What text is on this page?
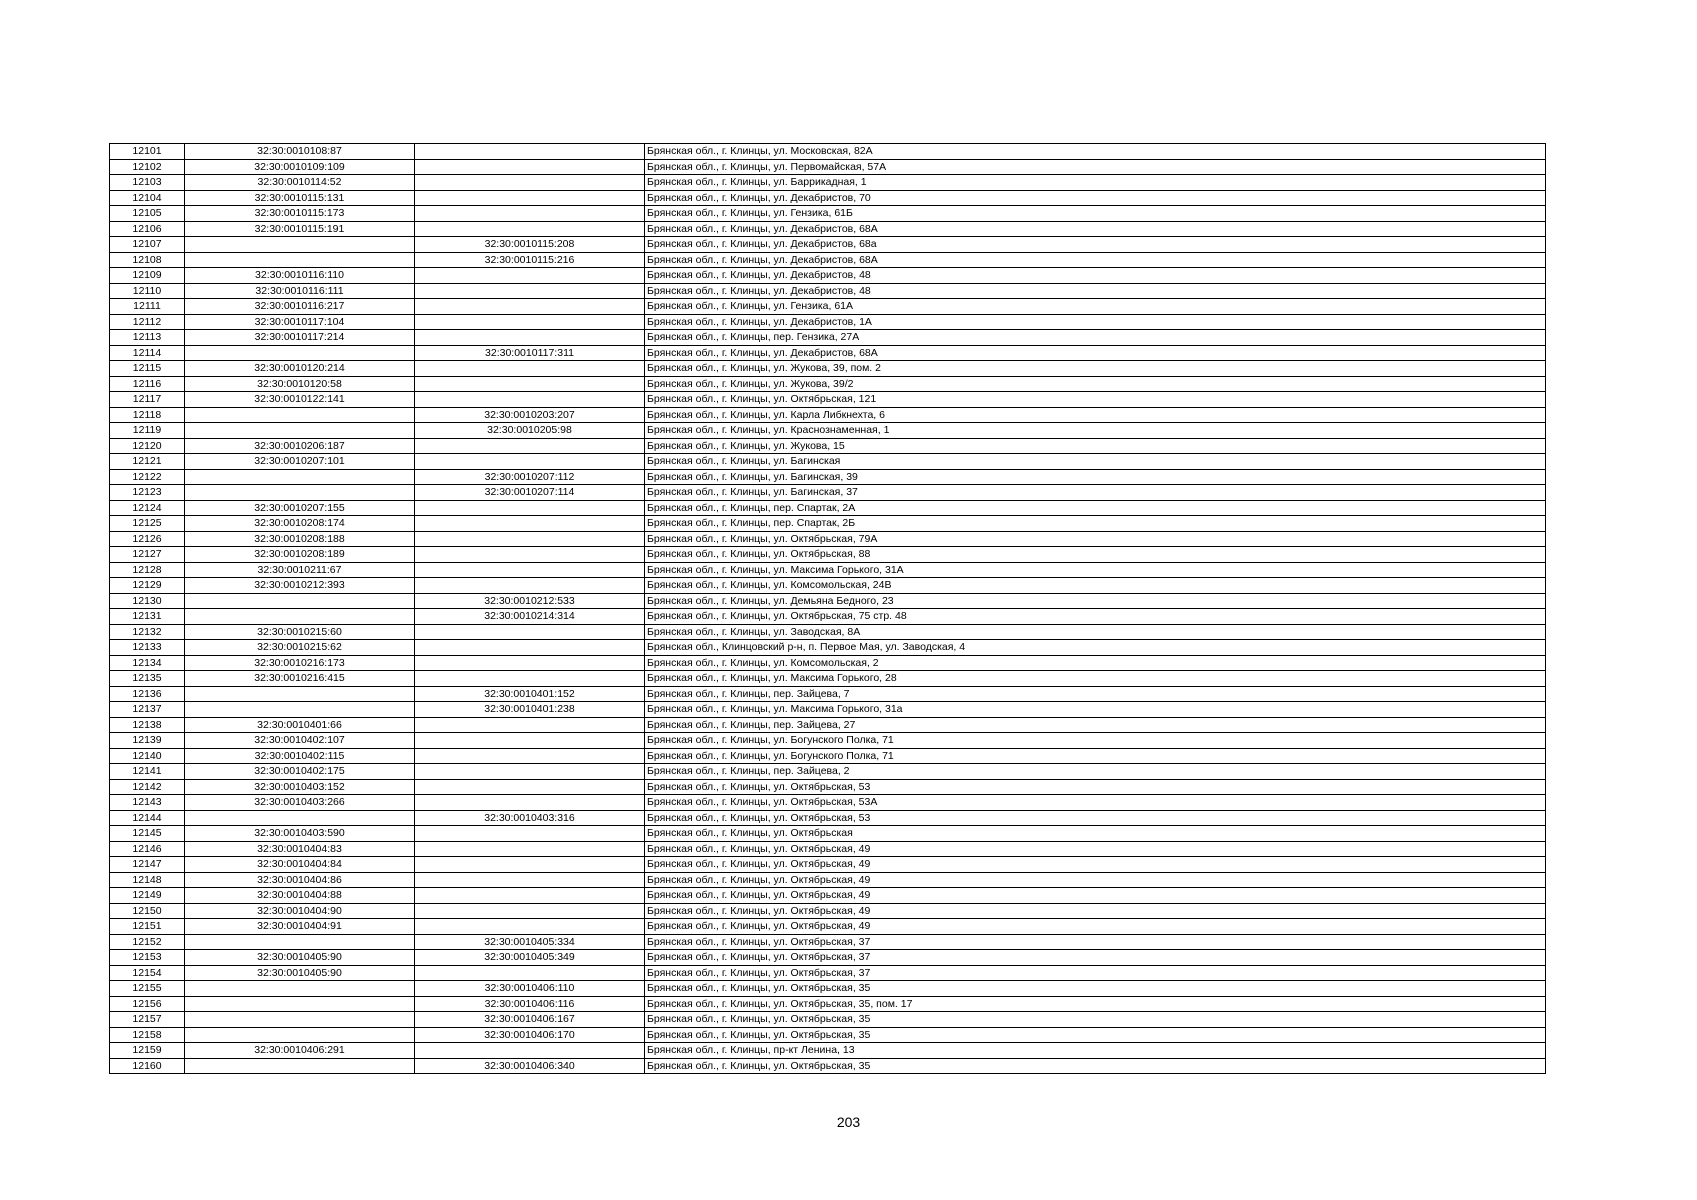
12101	32:30:0010108:87		Брянская обл., г. Клинцы, ул. Московская, 82А
12102	32:30:0010109:109		Брянская обл., г. Клинцы, ул. Первомайская, 57А
12103	32:30:0010114:52		Брянская обл., г. Клинцы, ул. Баррикадная, 1
12104	32:30:0010115:131		Брянская обл., г. Клинцы, ул. Декабристов, 70
12105	32:30:0010115:173		Брянская обл., г. Клинцы, ул. Гензика, 61Б
12106	32:30:0010115:191		Брянская обл., г. Клинцы, ул. Декабристов, 68А
12107		32:30:0010115:208	Брянская обл., г. Клинцы, ул. Декабристов, 68а
12108		32:30:0010115:216	Брянская обл., г. Клинцы, ул. Декабристов, 68А
12109	32:30:0010116:110		Брянская обл., г. Клинцы, ул. Декабристов, 48
12110	32:30:0010116:111		Брянская обл., г. Клинцы, ул. Декабристов, 48
12111	32:30:0010116:217		Брянская обл., г. Клинцы, ул. Гензика, 61А
12112	32:30:0010117:104		Брянская обл., г. Клинцы, ул. Декабристов, 1А
12113	32:30:0010117:214		Брянская обл., г. Клинцы, пер. Гензика, 27А
12114		32:30:0010117:311	Брянская обл., г. Клинцы, ул. Декабристов, 68А
12115	32:30:0010120:214		Брянская обл., г. Клинцы, ул. Жукова, 39, пом. 2
12116	32:30:0010120:58		Брянская обл., г. Клинцы, ул. Жукова, 39/2
12117	32:30:0010122:141		Брянская обл., г. Клинцы, ул. Октябрьская, 121
12118		32:30:0010203:207	Брянская обл., г. Клинцы, ул. Карла Либкнехта, 6
12119		32:30:0010205:98	Брянская обл., г. Клинцы, ул. Краснознаменная, 1
12120	32:30:0010206:187		Брянская обл., г. Клинцы, ул. Жукова, 15
12121	32:30:0010207:101		Брянская обл., г. Клинцы, ул. Багинская
12122		32:30:0010207:112	Брянская обл., г. Клинцы, ул. Багинская, 39
12123		32:30:0010207:114	Брянская обл., г. Клинцы, ул. Багинская, 37
12124	32:30:0010207:155		Брянская обл., г. Клинцы, пер. Спартак, 2А
12125	32:30:0010208:174		Брянская обл., г. Клинцы, пер. Спартак, 2Б
12126	32:30:0010208:188		Брянская обл., г. Клинцы, ул. Октябрьская, 79А
12127	32:30:0010208:189		Брянская обл., г. Клинцы, ул. Октябрьская, 88
12128	32:30:0010211:67		Брянская обл., г. Клинцы, ул. Максима Горького, 31А
12129	32:30:0010212:393		Брянская обл., г. Клинцы, ул. Комсомольская, 24В
12130		32:30:0010212:533	Брянская обл., г. Клинцы, ул. Демьяна Бедного, 23
12131		32:30:0010214:314	Брянская обл., г. Клинцы, ул. Октябрьская, 75 стр. 48
12132	32:30:0010215:60		Брянская обл., г. Клинцы, ул. Заводская, 8А
12133	32:30:0010215:62		Брянская обл., Клинцовский р-н, п. Первое Мая, ул. Заводская, 4
12134	32:30:0010216:173		Брянская обл., г. Клинцы, ул. Комсомольская, 2
12135	32:30:0010216:415		Брянская обл., г. Клинцы, ул. Максима Горького, 28
12136		32:30:0010401:152	Брянская обл., г. Клинцы, пер. Зайцева, 7
12137		32:30:0010401:238	Брянская обл., г. Клинцы, ул. Максима Горького, 31а
12138	32:30:0010401:66		Брянская обл., г. Клинцы, пер. Зайцева, 27
12139	32:30:0010402:107		Брянская обл., г. Клинцы, ул. Богунского Полка, 71
12140	32:30:0010402:115		Брянская обл., г. Клинцы, ул. Богунского Полка, 71
12141	32:30:0010402:175		Брянская обл., г. Клинцы, пер. Зайцева, 2
12142	32:30:0010403:152		Брянская обл., г. Клинцы, ул. Октябрьская, 53
12143	32:30:0010403:266		Брянская обл., г. Клинцы, ул. Октябрьская, 53А
12144		32:30:0010403:316	Брянская обл., г. Клинцы, ул. Октябрьская, 53
12145	32:30:0010403:590		Брянская обл., г. Клинцы, ул. Октябрьская
12146	32:30:0010404:83		Брянская обл., г. Клинцы, ул. Октябрьская, 49
12147	32:30:0010404:84		Брянская обл., г. Клинцы, ул. Октябрьская, 49
12148	32:30:0010404:86		Брянская обл., г. Клинцы, ул. Октябрьская, 49
12149	32:30:0010404:88		Брянская обл., г. Клинцы, ул. Октябрьская, 49
12150	32:30:0010404:90		Брянская обл., г. Клинцы, ул. Октябрьская, 49
12151	32:30:0010404:91		Брянская обл., г. Клинцы, ул. Октябрьская, 49
12152		32:30:0010405:334	Брянская обл., г. Клинцы, ул. Октябрьская, 37
12153	32:30:0010405:90	32:30:0010405:349	Брянская обл., г. Клинцы, ул. Октябрьская, 37
12154	32:30:0010405:90		Брянская обл., г. Клинцы, ул. Октябрьская, 37
12155		32:30:0010406:110	Брянская обл., г. Клинцы, ул. Октябрьская, 35
12156		32:30:0010406:116	Брянская обл., г. Клинцы, ул. Октябрьская, 35, пом. 17
12157		32:30:0010406:167	Брянская обл., г. Клинцы, ул. Октябрьская, 35
12158		32:30:0010406:170	Брянская обл., г. Клинцы, ул. Октябрьская, 35
12159	32:30:0010406:291		Брянская обл., г. Клинцы, пр-кт Ленина, 13
12160		32:30:0010406:340	Брянская обл., г. Клинцы, ул. Октябрьская, 35
203
